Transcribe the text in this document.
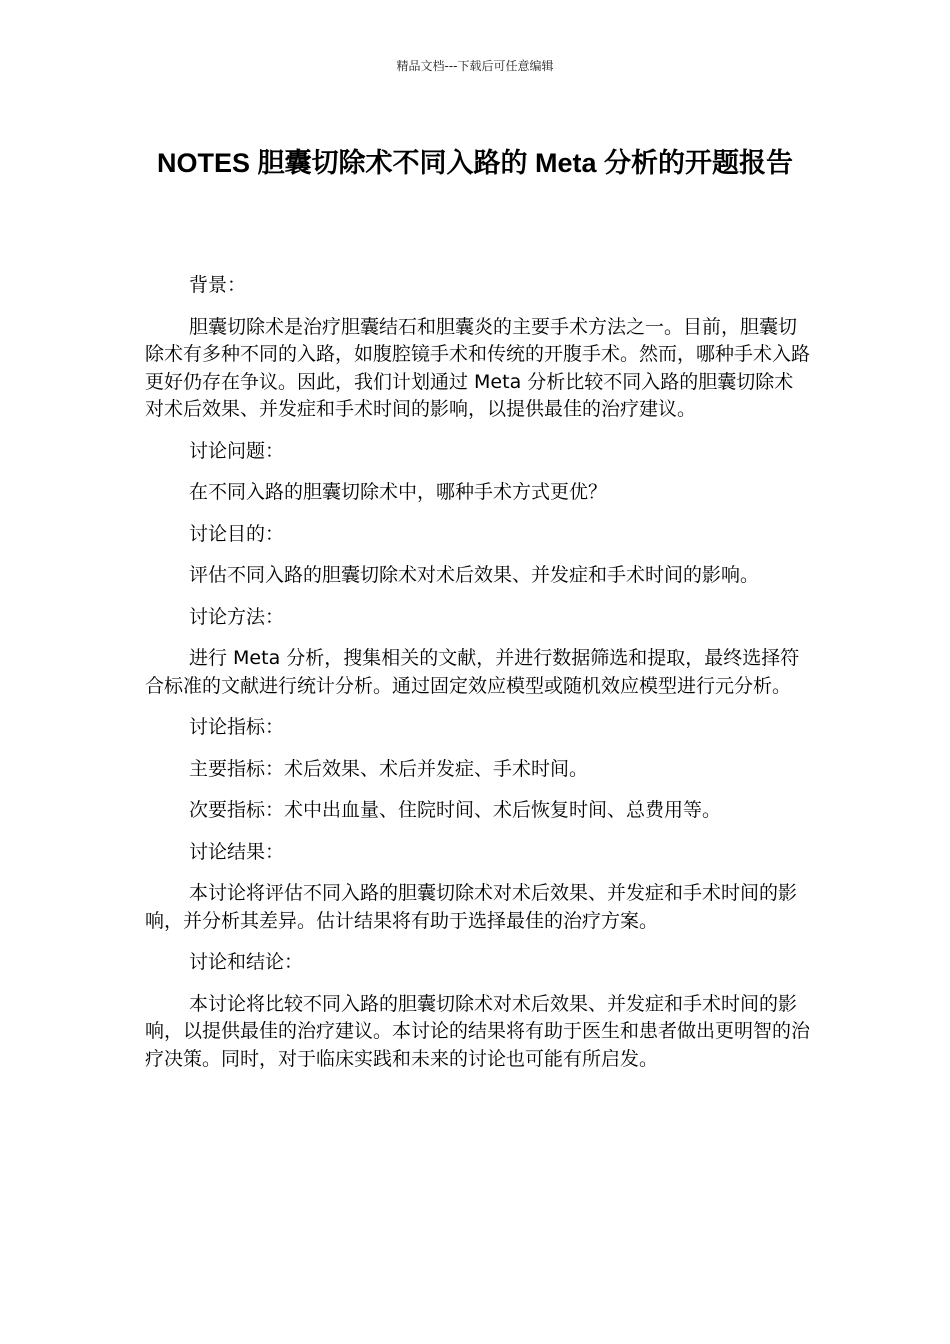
精品文档---下载后可任意编辑
NOTES 胆囊切除术不同入路的 Meta 分析的开题报告

背景：

胆囊切除术是治疗胆囊结石和胆囊炎的主要手术方法之一。目前，胆囊切除术有多种不同的入路，如腹腔镜手术和传统的开腹手术。然而，哪种手术入路更好仍存在争议。因此，我们计划通过 Meta 分析比较不同入路的胆囊切除术对术后效果、并发症和手术时间的影响，以提供最佳的治疗建议。

讨论问题：

在不同入路的胆囊切除术中，哪种手术方式更优？

讨论目的：

评估不同入路的胆囊切除术对术后效果、并发症和手术时间的影响。

讨论方法：

进行 Meta 分析，搜集相关的文献，并进行数据筛选和提取，最终选择符合标准的文献进行统计分析。通过固定效应模型或随机效应模型进行元分析。

讨论指标：

主要指标：术后效果、术后并发症、手术时间。

次要指标：术中出血量、住院时间、术后恢复时间、总费用等。

讨论结果：

本讨论将评估不同入路的胆囊切除术对术后效果、并发症和手术时间的影响，并分析其差异。估计结果将有助于选择最佳的治疗方案。

讨论和结论：

本讨论将比较不同入路的胆囊切除术对术后效果、并发症和手术时间的影响，以提供最佳的治疗建议。本讨论的结果将有助于医生和患者做出更明智的治疗决策。同时，对于临床实践和未来的讨论也可能有所启发。
